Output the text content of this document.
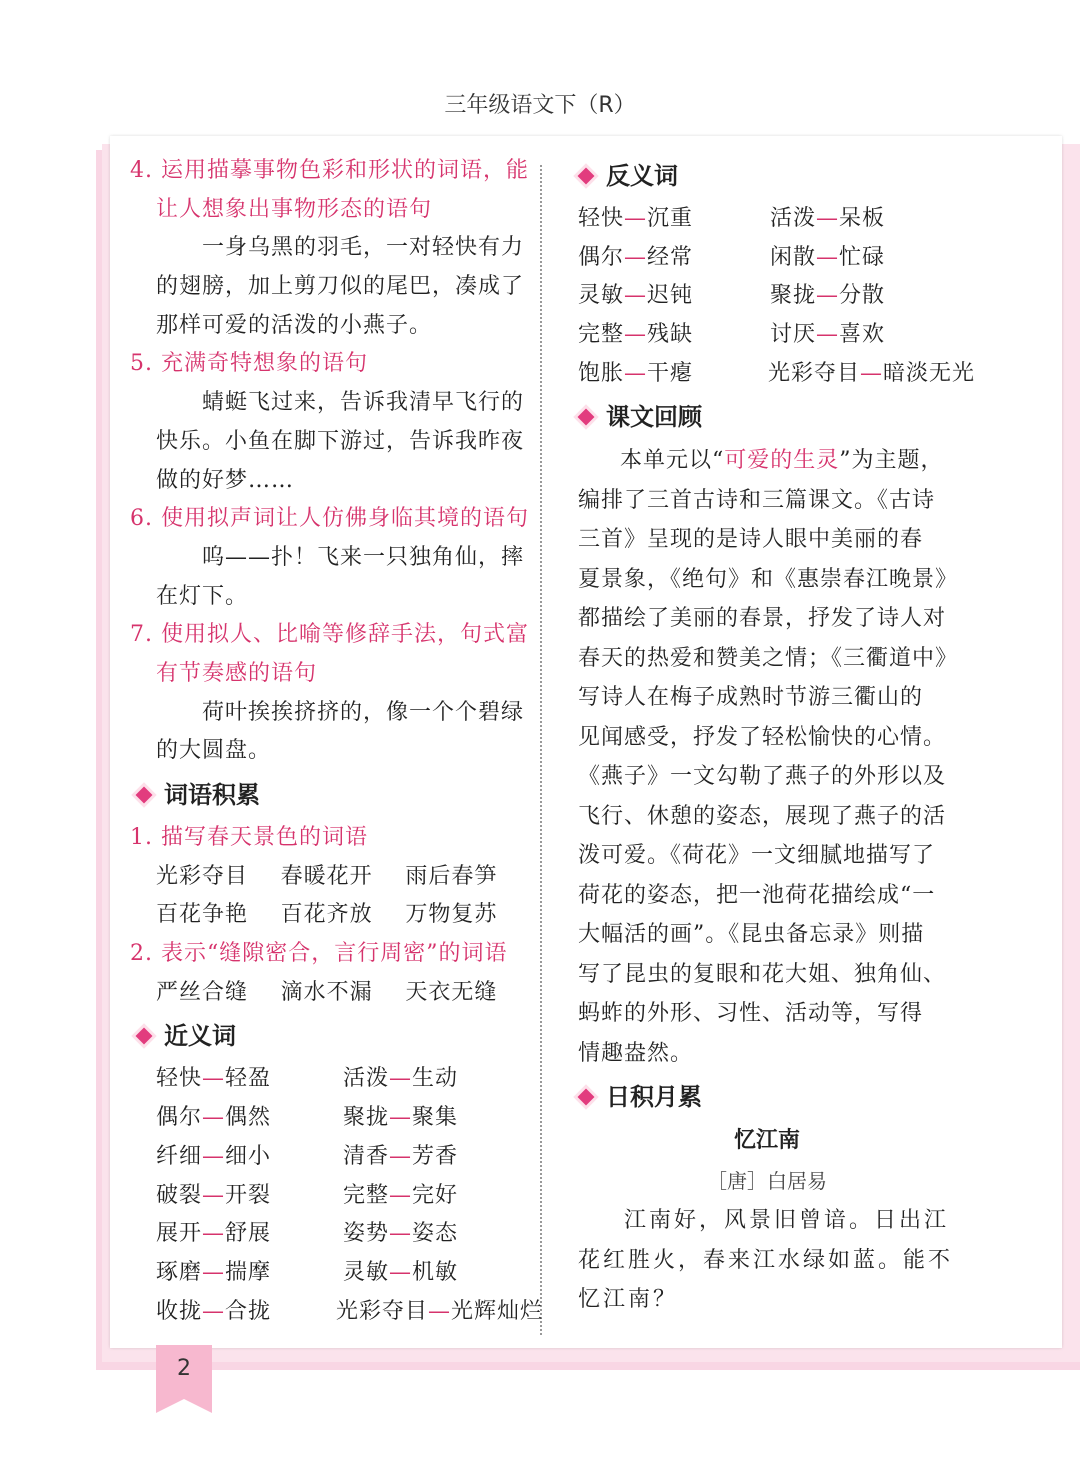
三年级语文下（R）
4. 运用描摹事物色彩和形状的词语，能
让人想象出事物形态的语句
一身乌黑的羽毛，一对轻快有力
的翅膀，加上剪刀似的尾巴，凑成了
那样可爱的活泼的小燕子。
5. 充满奇特想象的语句
蜻蜓飞过来，告诉我清早飞行的
快乐。小鱼在脚下游过，告诉我昨夜
做的好梦……
6. 使用拟声词让人仿佛身临其境的语句
呜——扑！飞来一只独角仙，摔
在灯下。
7. 使用拟人、比喻等修辞手法，句式富
有节奏感的语句
荷叶挨挨挤挤的，像一个个碧绿
的大圆盘。
词语积累
1. 描写春天景色的词语
光彩夺目	春暖花开	雨后春笋
百花争艳	百花齐放	万物复苏
2. 表示“缝隙密合，言行周密”的词语
严丝合缝	滴水不漏	天衣无缝
近义词
轻快—轻盈	活泼—生动
偶尔—偶然	聚拢—聚集
纤细—细小	清香—芳香
破裂—开裂	完整—完好
展开—舒展	姿势—姿态
琢磨—揣摩	灵敏—机敏
收拢—合拢	光彩夺目—光辉灿烂
反义词
轻快—沉重	活泼—呆板
偶尔—经常	闲散—忙碌
灵敏—迟钝	聚拢—分散
完整—残缺	讨厌—喜欢
饱胀—干瘪	光彩夺目—暗淡无光
课文回顾
本单元以“可爱的生灵”为主题，
编排了三首古诗和三篇课文。《古诗
三首》呈现的是诗人眼中美丽的春
夏景象，《绝句》和《惠崇春江晚景》
都描绘了美丽的春景，抒发了诗人对
春天的热爱和赞美之情；《三衢道中》
写诗人在梅子成熟时节游三衢山的
见闻感受，抒发了轻松愉快的心情。
《燕子》一文勾勒了燕子的外形以及
飞行、休憩的姿态，展现了燕子的活
泼可爱。《荷花》一文细腻地描写了
荷花的姿态，把一池荷花描绘成“一
大幅活的画”。《昆虫备忘录》则描
写了昆虫的复眼和花大姐、独角仙、
蚂蚱的外形、习性、活动等，写得
情趣盎然。
日积月累
忆江南
［唐］白居易
江南好，风景旧曾谙。日出江
花红胜火，春来江水绿如蓝。能不
忆江南？
2
